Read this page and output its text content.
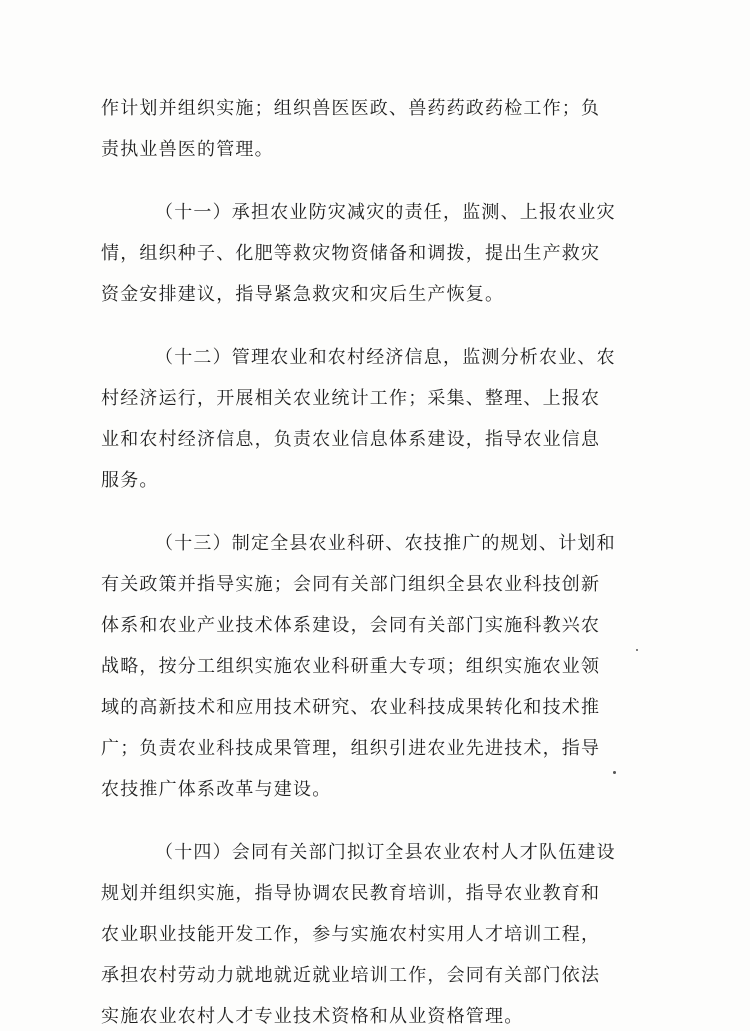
作计划并组织实施；组织兽医医政、兽药药政药检工作；负
责执业兽医的管理。
（十一）承担农业防灾减灾的责任，监测、上报农业灾
情，组织种子、化肥等救灾物资储备和调拨，提出生产救灾
资金安排建议，指导紧急救灾和灾后生产恢复。
（十二）管理农业和农村经济信息，监测分析农业、农
村经济运行，开展相关农业统计工作；采集、整理、上报农
业和农村经济信息，负责农业信息体系建设，指导农业信息
服务。
（十三）制定全县农业科研、农技推广的规划、计划和
有关政策并指导实施；会同有关部门组织全县农业科技创新
体系和农业产业技术体系建设，会同有关部门实施科教兴农
战略，按分工组织实施农业科研重大专项；组织实施农业领
域的高新技术和应用技术研究、农业科技成果转化和技术推
广；负责农业科技成果管理，组织引进农业先进技术，指导
农技推广体系改革与建设。
（十四）会同有关部门拟订全县农业农村人才队伍建设
规划并组织实施，指导协调农民教育培训，指导农业教育和
农业职业技能开发工作，参与实施农村实用人才培训工程，
承担农村劳动力就地就近就业培训工作，会同有关部门依法
实施农业农村人才专业技术资格和从业资格管理。
